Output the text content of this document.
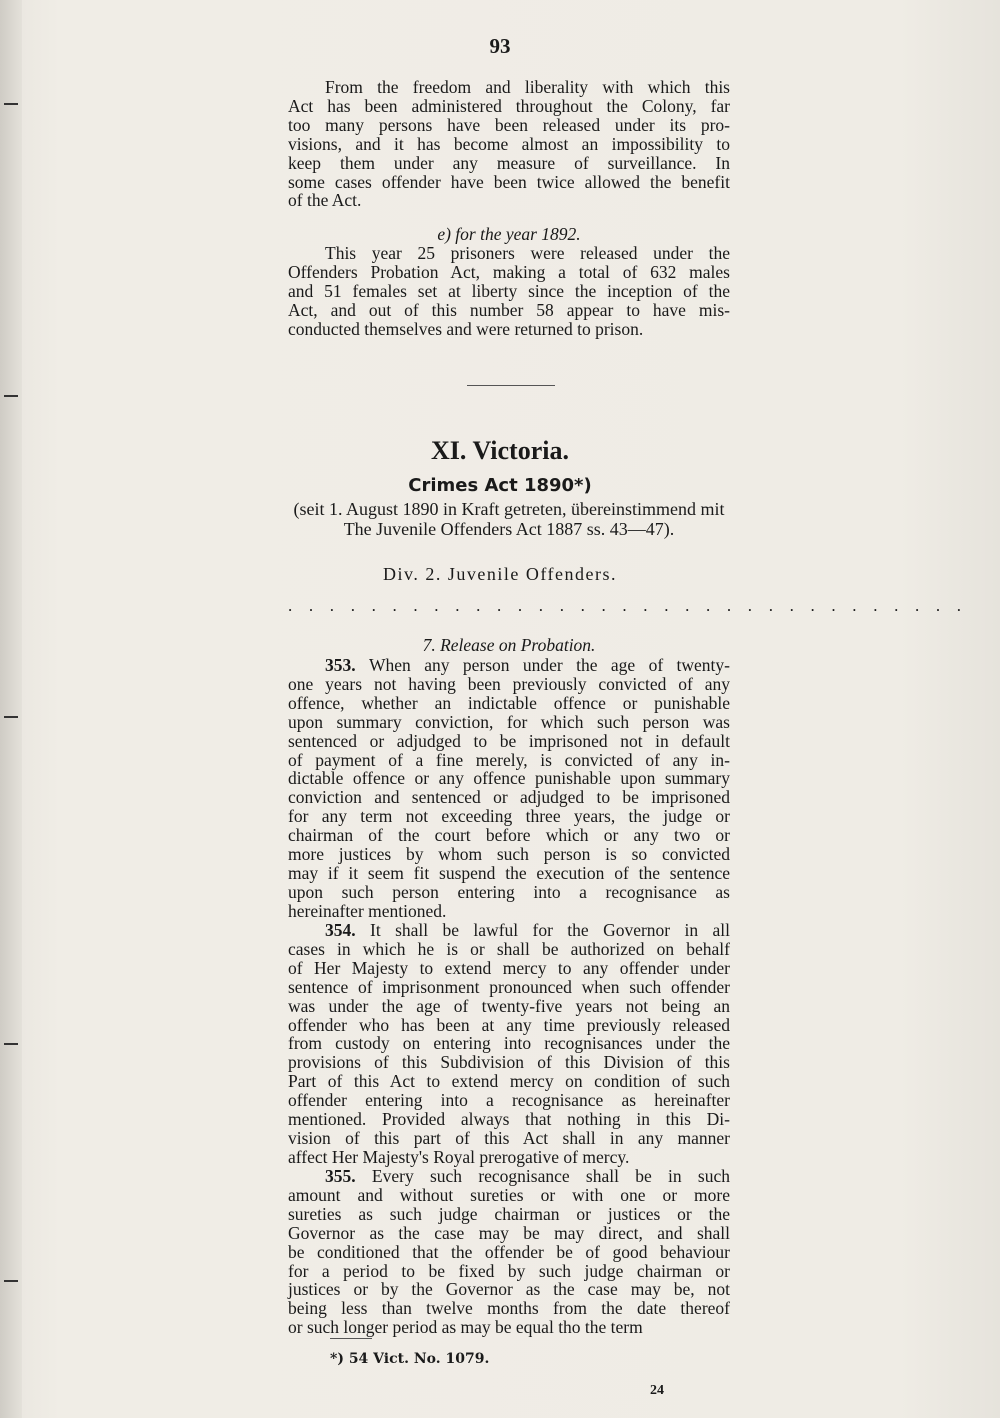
93
From the freedom and liberality with which this
Act has been administered throughout the Colony, far
too many persons have been released under its pro-
visions, and it has become almost an impossibility to
keep them under any measure of surveillance. In
some cases offender have been twice allowed the benefit
of the Act.
e) for the year 1892.
This year 25 prisoners were released under the
Offenders Probation Act, making a total of 632 males
and 51 females set at liberty since the inception of the
Act, and out of this number 58 appear to have mis-
conducted themselves and were returned to prison.
XI. Victoria.
Crimes Act 1890*)
(seit 1. August 1890 in Kraft getreten, übereinstimmend mit
The Juvenile Offenders Act 1887 ss. 43—47).
Div. 2. Juvenile Offenders.
. . . . . . . . . . . . . . . . . . . . . . . . . . . . . . . . .
7. Release on Probation.
353. When any person under the age of twenty-
one years not having been previously convicted of any
offence, whether an indictable offence or punishable
upon summary conviction, for which such person was
sentenced or adjudged to be imprisoned not in default
of payment of a fine merely, is convicted of any in-
dictable offence or any offence punishable upon summary
conviction and sentenced or adjudged to be imprisoned
for any term not exceeding three years, the judge or
chairman of the court before which or any two or
more justices by whom such person is so convicted
may if it seem fit suspend the execution of the sentence
upon such person entering into a recognisance as
hereinafter mentioned.
354. It shall be lawful for the Governor in all
cases in which he is or shall be authorized on behalf
of Her Majesty to extend mercy to any offender under
sentence of imprisonment pronounced when such offender
was under the age of twenty-five years not being an
offender who has been at any time previously released
from custody on entering into recognisances under the
provisions of this Subdivision of this Division of this
Part of this Act to extend mercy on condition of such
offender entering into a recognisance as hereinafter
mentioned. Provided always that nothing in this Di-
vision of this part of this Act shall in any manner
affect Her Majesty's Royal prerogative of mercy.
355. Every such recognisance shall be in such
amount and without sureties or with one or more
sureties as such judge chairman or justices or the
Governor as the case may be may direct, and shall
be conditioned that the offender be of good behaviour
for a period to be fixed by such judge chairman or
justices or by the Governor as the case may be, not
being less than twelve months from the date thereof
or such longer period as may be equal tho the term
*) 54 Vict. No. 1079.
24
